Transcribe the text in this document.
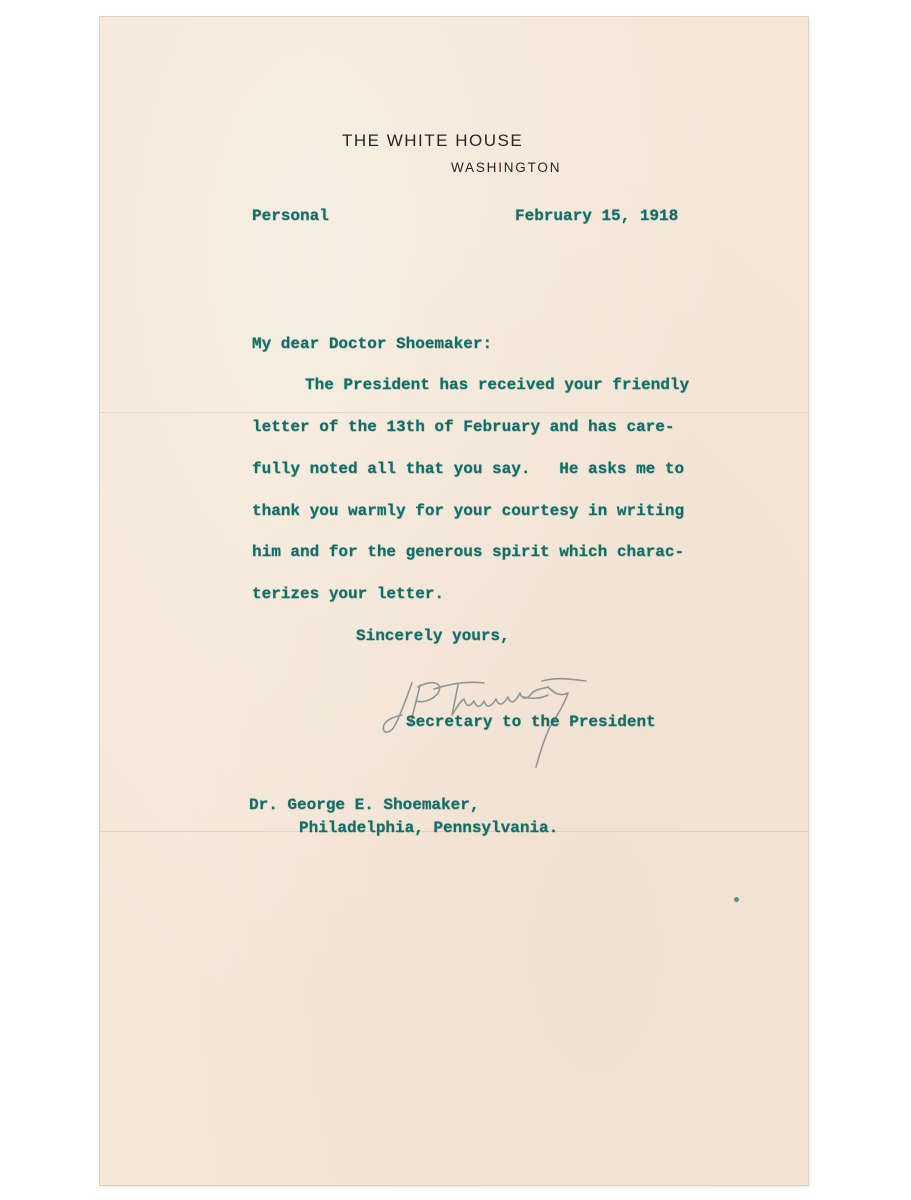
THE WHITE HOUSE
WASHINGTON
Personal	February 15, 1918
My dear Doctor Shoemaker:
The President has received your friendly
letter of the 13th of February and has care-
fully noted all that you say.   He asks me to
thank you warmly for your courtesy in writing
him and for the generous spirit which charac-
terizes your letter.
Sincerely yours,
Secretary to the President
Dr. George E. Shoemaker,
Philadelphia, Pennsylvania.
